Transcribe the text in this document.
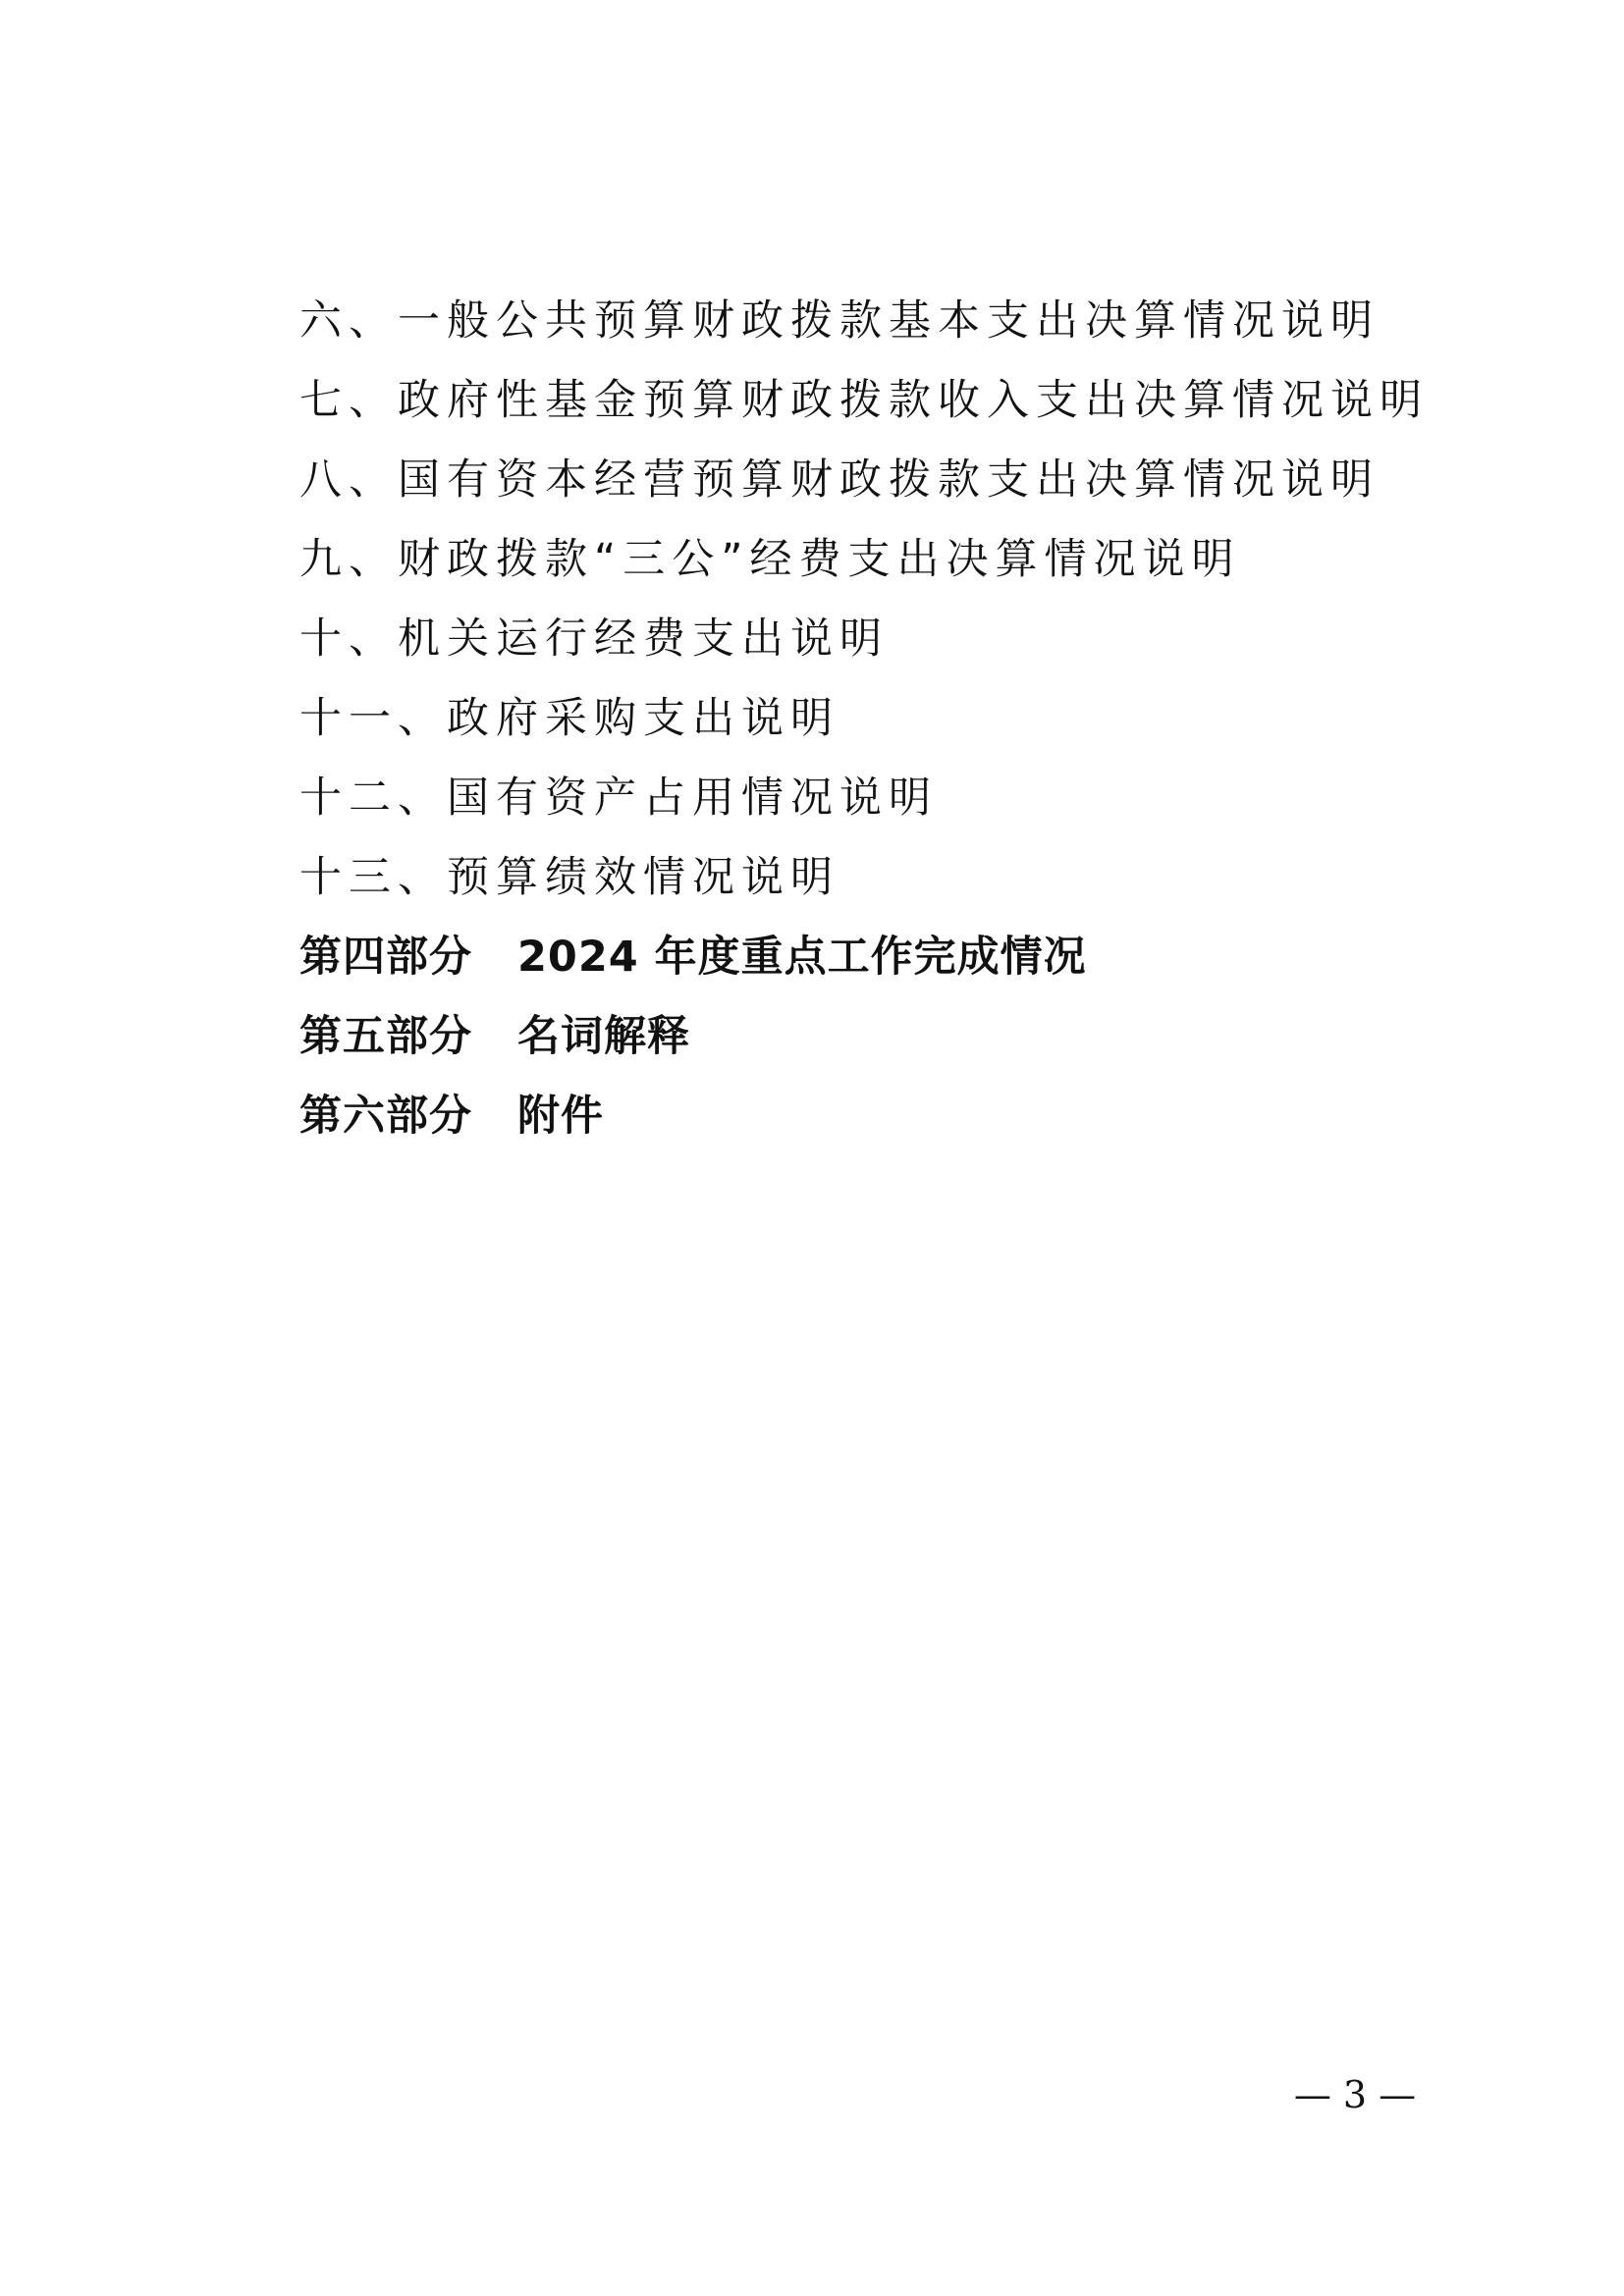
六、一般公共预算财政拨款基本支出决算情况说明
七、政府性基金预算财政拨款收入支出决算情况说明
八、国有资本经营预算财政拨款支出决算情况说明
九、财政拨款“三公”经费支出决算情况说明
十、机关运行经费支出说明
十一、政府采购支出说明
十二、国有资产占用情况说明
十三、预算绩效情况说明
第四部分 2024 年度重点工作完成情况
第五部分 名词解释
第六部分 附件
— 3 —
